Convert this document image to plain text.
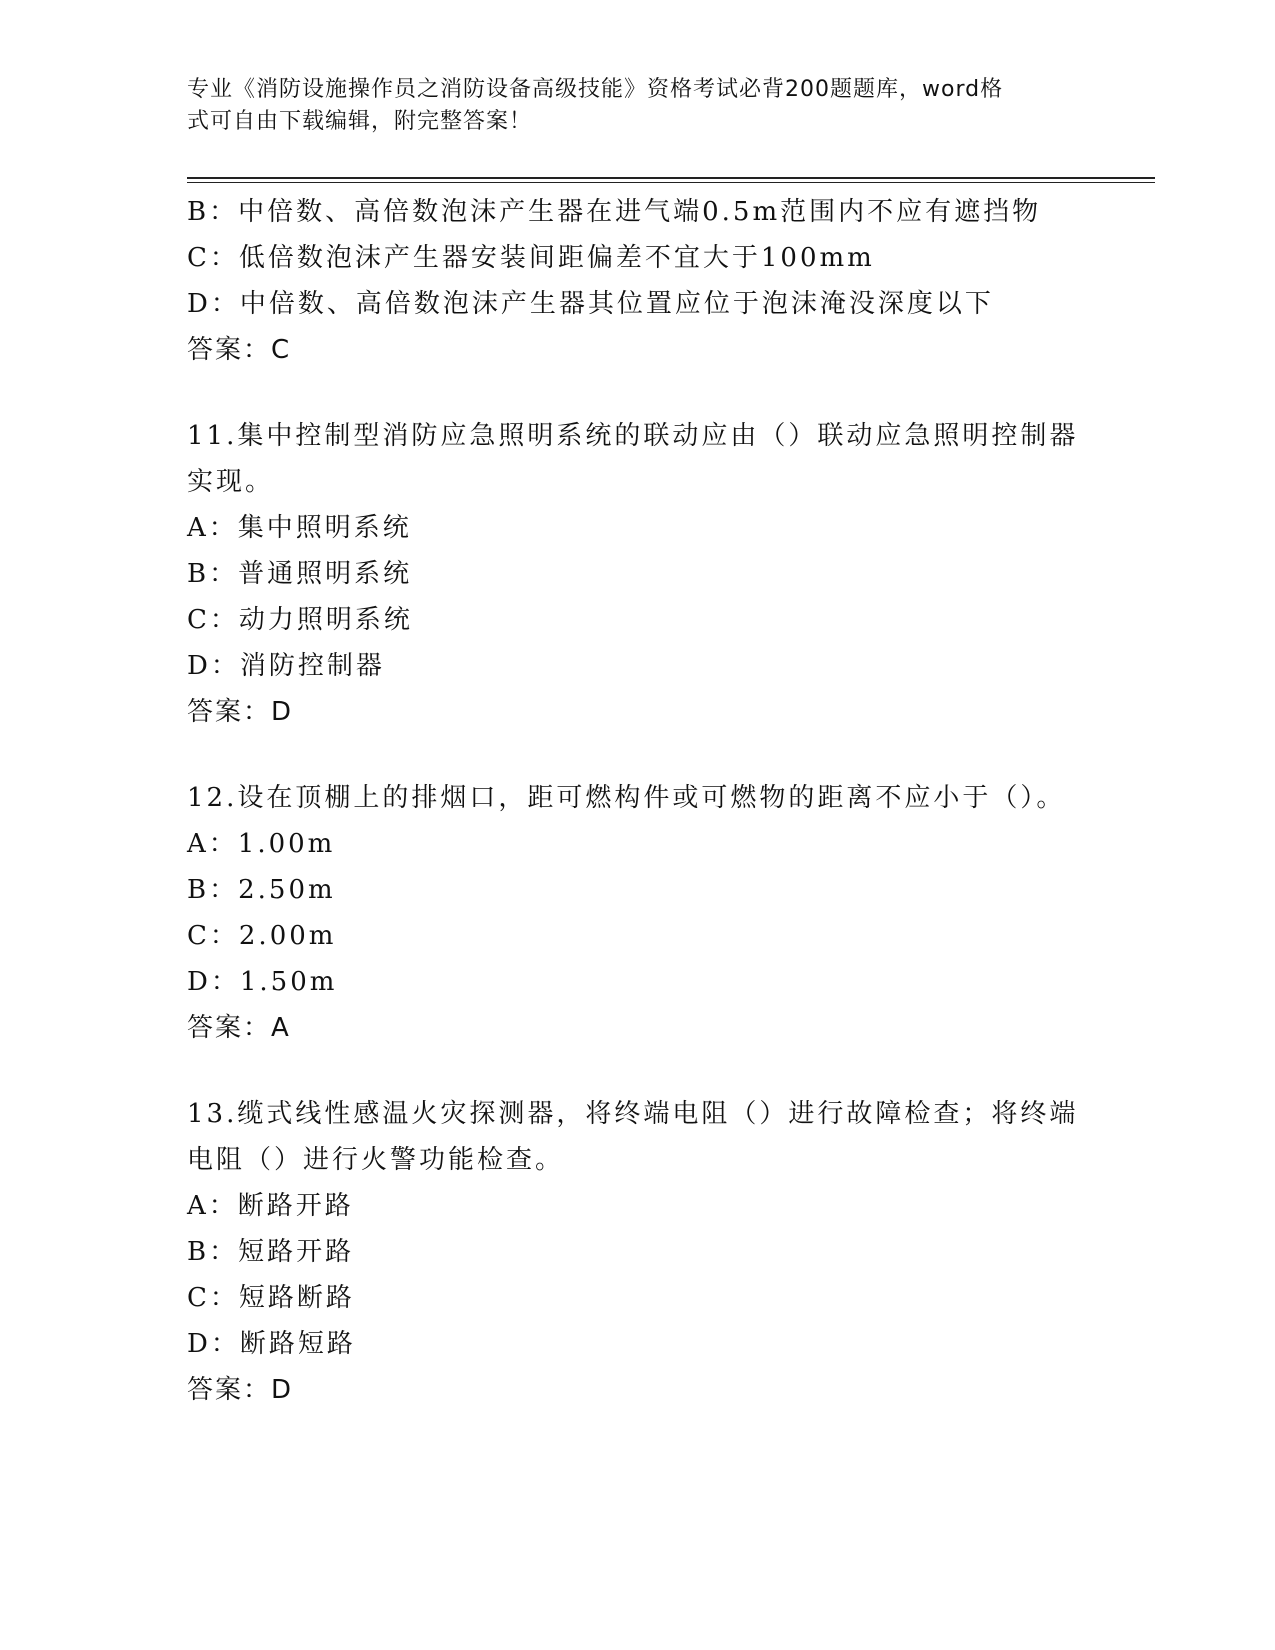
专业《消防设施操作员之消防设备高级技能》资格考试必背200题题库，word格
式可自由下载编辑，附完整答案！
B：中倍数、高倍数泡沫产生器在进气端0.5m范围内不应有遮挡物
C：低倍数泡沫产生器安装间距偏差不宜大于100mm
D：中倍数、高倍数泡沫产生器其位置应位于泡沫淹没深度以下
答案：C
11.集中控制型消防应急照明系统的联动应由（）联动应急照明控制器
实现。
A：集中照明系统
B：普通照明系统
C：动力照明系统
D：消防控制器
答案：D
12.设在顶棚上的排烟口，距可燃构件或可燃物的距离不应小于（）。
A：1.00m
B：2.50m
C：2.00m
D：1.50m
答案：A
13.缆式线性感温火灾探测器，将终端电阻（）进行故障检查；将终端
电阻（）进行火警功能检查。
A：断路开路
B：短路开路
C：短路断路
D：断路短路
答案：D
